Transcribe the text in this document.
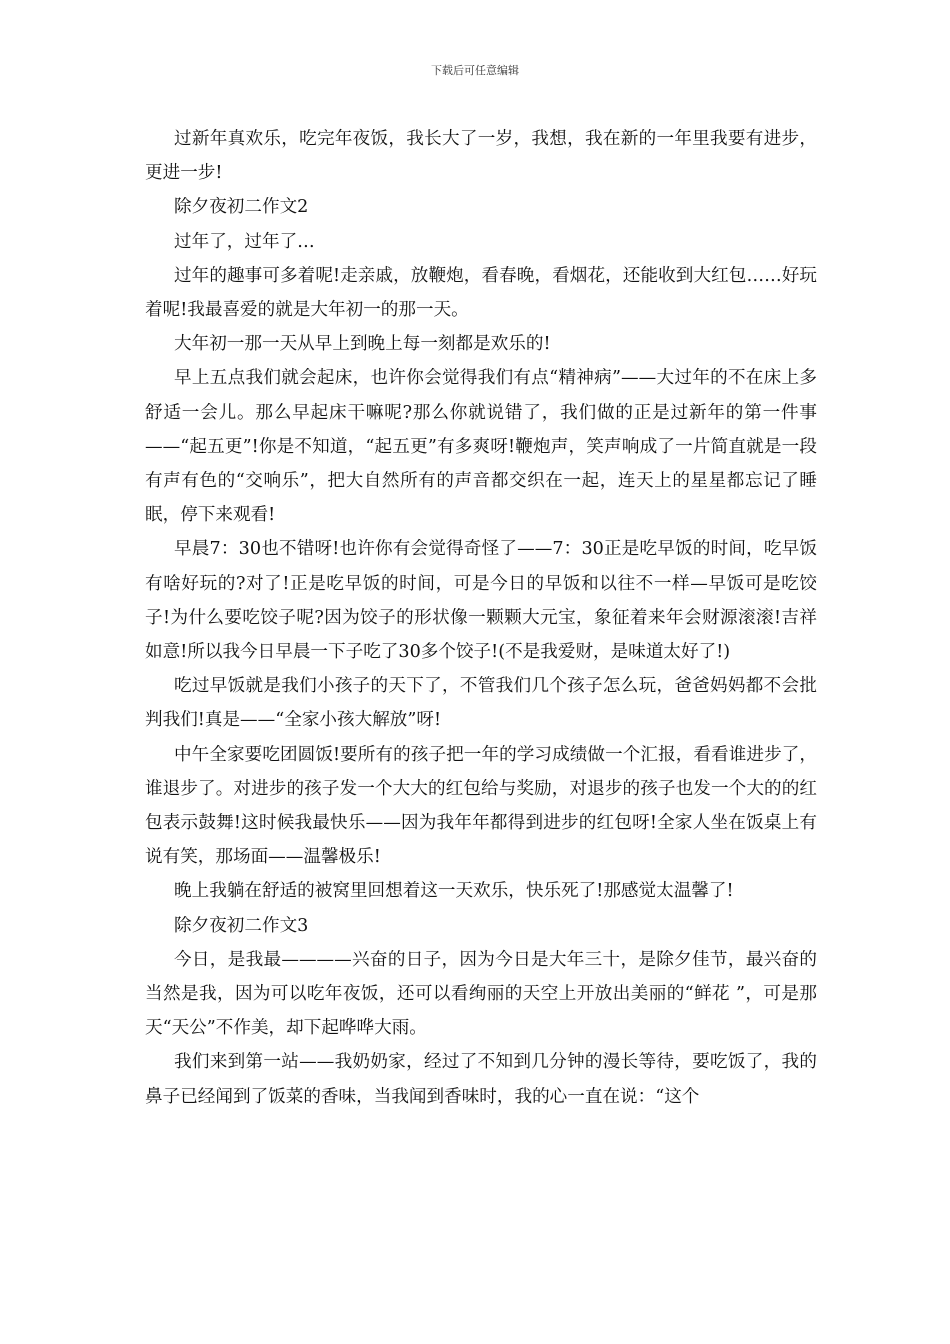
下载后可任意编辑

过新年真欢乐，吃完年夜饭，我长大了一岁，我想，我在新的一年里我要有进步，更进一步!

除夕夜初二作文2

过年了，过年了…

过年的趣事可多着呢!走亲戚，放鞭炮，看春晚，看烟花，还能收到大红包……好玩着呢!我最喜爱的就是大年初一的那一天。

大年初一那一天从早上到晚上每一刻都是欢乐的!

早上五点我们就会起床，也许你会觉得我们有点“精神病”——大过年的不在床上多舒适一会儿。那么早起床干嘛呢?那么你就说错了，我们做的正是过新年的第一件事——“起五更”!你是不知道，“起五更”有多爽呀!鞭炮声，笑声响成了一片简直就是一段有声有色的“交响乐”，把大自然所有的声音都交织在一起，连天上的星星都忘记了睡眠，停下来观看!

早晨7：30也不错呀!也许你有会觉得奇怪了——7：30正是吃早饭的时间，吃早饭有啥好玩的?对了!正是吃早饭的时间，可是今日的早饭和以往不一样—早饭可是吃饺子!为什么要吃饺子呢?因为饺子的形状像一颗颗大元宝，象征着来年会财源滚滚!吉祥如意!所以我今日早晨一下子吃了30多个饺子!(不是我爱财，是味道太好了!)

吃过早饭就是我们小孩子的天下了，不管我们几个孩子怎么玩，爸爸妈妈都不会批判我们!真是——“全家小孩大解放”呀!

中午全家要吃团圆饭!要所有的孩子把一年的学习成绩做一个汇报，看看谁进步了，谁退步了。对进步的孩子发一个大大的红包给与奖励，对退步的孩子也发一个大的的红包表示鼓舞!这时候我最快乐——因为我年年都得到进步的红包呀!全家人坐在饭桌上有说有笑，那场面——温馨极乐!

晚上我躺在舒适的被窝里回想着这一天欢乐，快乐死了!那感觉太温馨了!

除夕夜初二作文3

今日，是我最————兴奋的日子，因为今日是大年三十，是除夕佳节，最兴奋的当然是我，因为可以吃年夜饭，还可以看绚丽的天空上开放出美丽的“鲜花 ”，可是那天“天公”不作美，却下起哗哗大雨。

我们来到第一站——我奶奶家，经过了不知到几分钟的漫长等待，要吃饭了，我的鼻子已经闻到了饭菜的香味，当我闻到香味时，我的心一直在说：“这个
